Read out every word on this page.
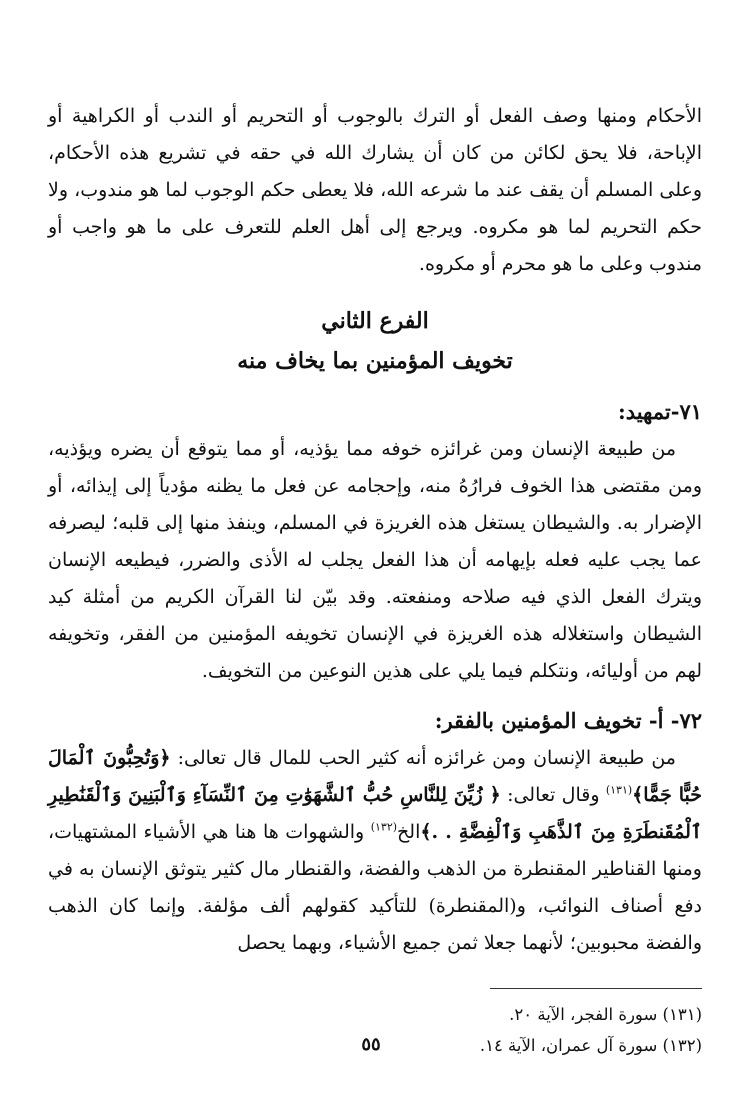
الأحكام ومنها وصف الفعل أو الترك بالوجوب أو التحريم أو الندب أو الكراهية أو الإباحة، فلا يحق لكائن من كان أن يشارك الله في حقه في تشريع هذه الأحكام، وعلى المسلم أن يقف عند ما شرعه الله، فلا يعطى حكم الوجوب لما هو مندوب، ولا حكم التحريم لما هو مكروه. ويرجع إلى أهل العلم للتعرف على ما هو واجب أو مندوب وعلى ما هو محرم أو مكروه.

الفرع الثاني

تخويف المؤمنين بما يخاف منه

٧١-تمهيد:

من طبيعة الإنسان ومن غرائزه خوفه مما يؤذيه، أو مما يتوقع أن يضره ويؤذيه، ومن مقتضى هذا الخوف فرارُهُ منه، وإحجامه عن فعل ما يظنه مؤدياً إلى إيذائه، أو الإضرار به. والشيطان يستغل هذه الغريزة في المسلم، وينفذ منها إلى قلبه؛ ليصرفه عما يجب عليه فعله بإيهامه أن هذا الفعل يجلب له الأذى والضرر، فيطيعه الإنسان ويترك الفعل الذي فيه صلاحه ومنفعته. وقد بيّن لنا القرآن الكريم من أمثلة كيد الشيطان واستغلاله هذه الغريزة في الإنسان تخويفه المؤمنين من الفقر، وتخويفه لهم من أوليائه، ونتكلم فيما يلي على هذين النوعين من التخويف.

٧٢- أ- تخويف المؤمنين بالفقر:

من طبيعة الإنسان ومن غرائزه أنه كثير الحب للمال قال تعالى: ﴿وَتُحِبُّونَ ٱلْمَالَ حُبًّا جَمًّا﴾$^{(١٣١)}$ وقال تعالى: ﴿ زُيِّنَ لِلنَّاسِ حُبُّ ٱلشَّهَوَٰتِ مِنَ ٱلنِّسَآءِ وَٱلْبَنِينَ وَٱلْقَنَٰطِيرِ ٱلْمُقَنطَرَةِ مِنَ ٱلذَّهَبِ وَٱلْفِضَّةِ . .﴾الخ$^{(١٣٢)}$ والشهوات ها هنا هي الأشياء المشتهيات، ومنها القناطير المقنطرة من الذهب والفضة، والقنطار مال كثير يتوثق الإنسان به في دفع أصناف النوائب، و(المقنطرة) للتأكيد كقولهم ألف مؤلفة. وإنما كان الذهب والفضة محبوبين؛ لأنهما جعلا ثمن جميع الأشياء، وبهما يحصل

(١٣١) سورة الفجر، الآية ٢٠.

(١٣٢) سورة آل عمران، الآية ١٤.

٥٥
